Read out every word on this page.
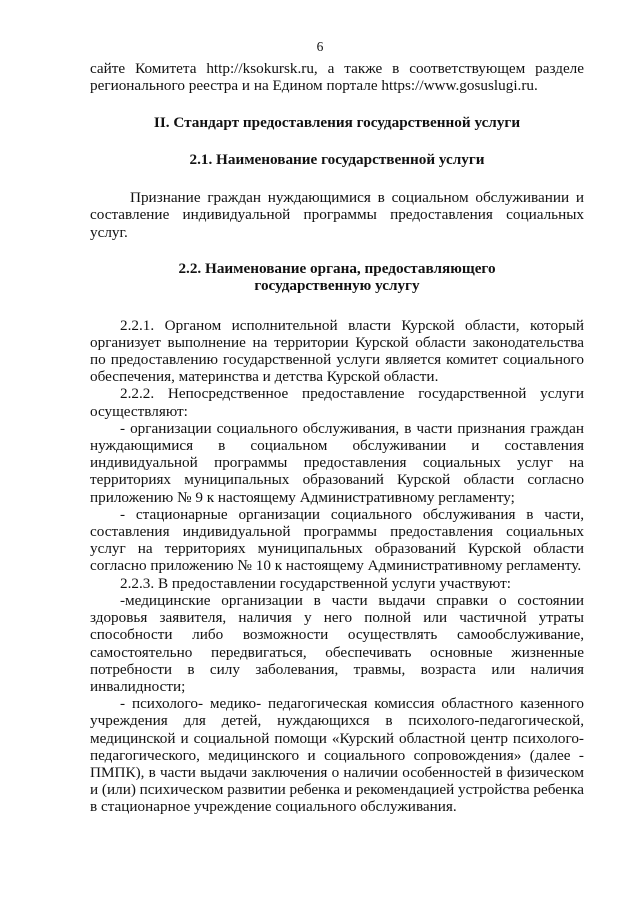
6

сайте Комитета http://ksokursk.ru, а также в соответствующем разделе регионального реестра и на Едином портале https://www.gosuslugi.ru.

II. Стандарт предоставления государственной услуги
2.1. Наименование государственной услуги

Признание граждан нуждающимися в социальном обслуживании и составление индивидуальной программы предоставления социальных услуг.

2.2. Наименование органа, предоставляющего
государственную услугу

2.2.1. Органом исполнительной власти Курской области, который организует выполнение на территории Курской области законодательства по предоставлению государственной услуги является комитет социального обеспечения, материнства и детства Курской области.

2.2.2. Непосредственное предоставление государственной услуги осуществляют:

- организации социального обслуживания, в части признания граждан нуждающимися в социальном обслуживании и составления индивидуальной программы предоставления социальных услуг на территориях муниципальных образований Курской области согласно приложению № 9 к настоящему Административному регламенту;

- стационарные организации социального обслуживания в части, составления индивидуальной программы предоставления социальных услуг на территориях муниципальных образований Курской области согласно приложению № 10 к настоящему Административному регламенту.

2.2.3. В предоставлении государственной услуги участвуют:

-медицинские организации в части выдачи справки о состоянии здоровья заявителя, наличия у него полной или частичной утраты способности либо возможности осуществлять самообслуживание, самостоятельно передвигаться, обеспечивать основные жизненные потребности в силу заболевания, травмы, возраста или наличия инвалидности;

- психолого- медико- педагогическая комиссия областного казенного учреждения для детей, нуждающихся в психолого-педагогической, медицинской и социальной помощи «Курский областной центр психолого-педагогического, медицинского и социального сопровождения» (далее - ПМПК), в части выдачи заключения о наличии особенностей в физическом и (или) психическом развитии ребенка и рекомендацией устройства ребенка в стационарное учреждение социального обслуживания.
